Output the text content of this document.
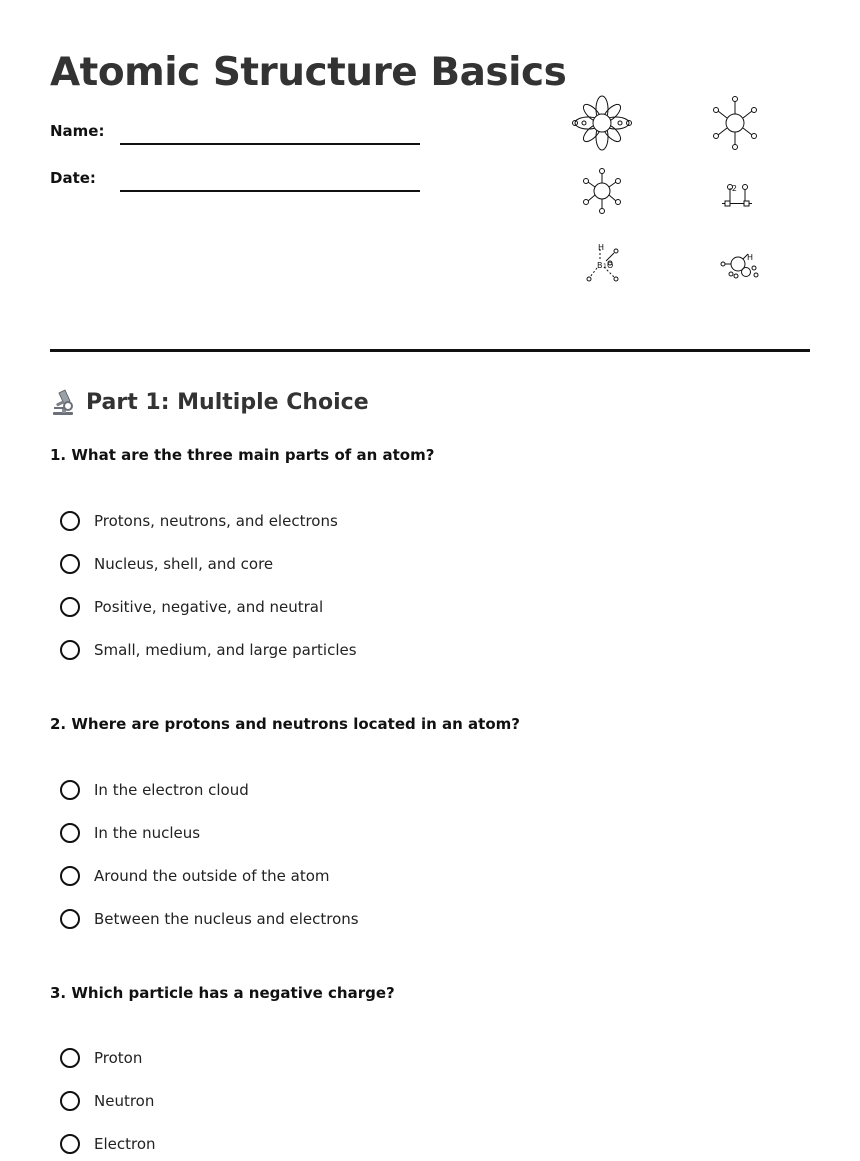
Atomic Structure Basics
Name:
Date:
H
B 1 O
-2
H
Part 1: Multiple Choice
1. What are the three main parts of an atom?
Protons, neutrons, and electrons
Nucleus, shell, and core
Positive, negative, and neutral
Small, medium, and large particles
2. Where are protons and neutrons located in an atom?
In the electron cloud
In the nucleus
Around the outside of the atom
Between the nucleus and electrons
3. Which particle has a negative charge?
Proton
Neutron
Electron
